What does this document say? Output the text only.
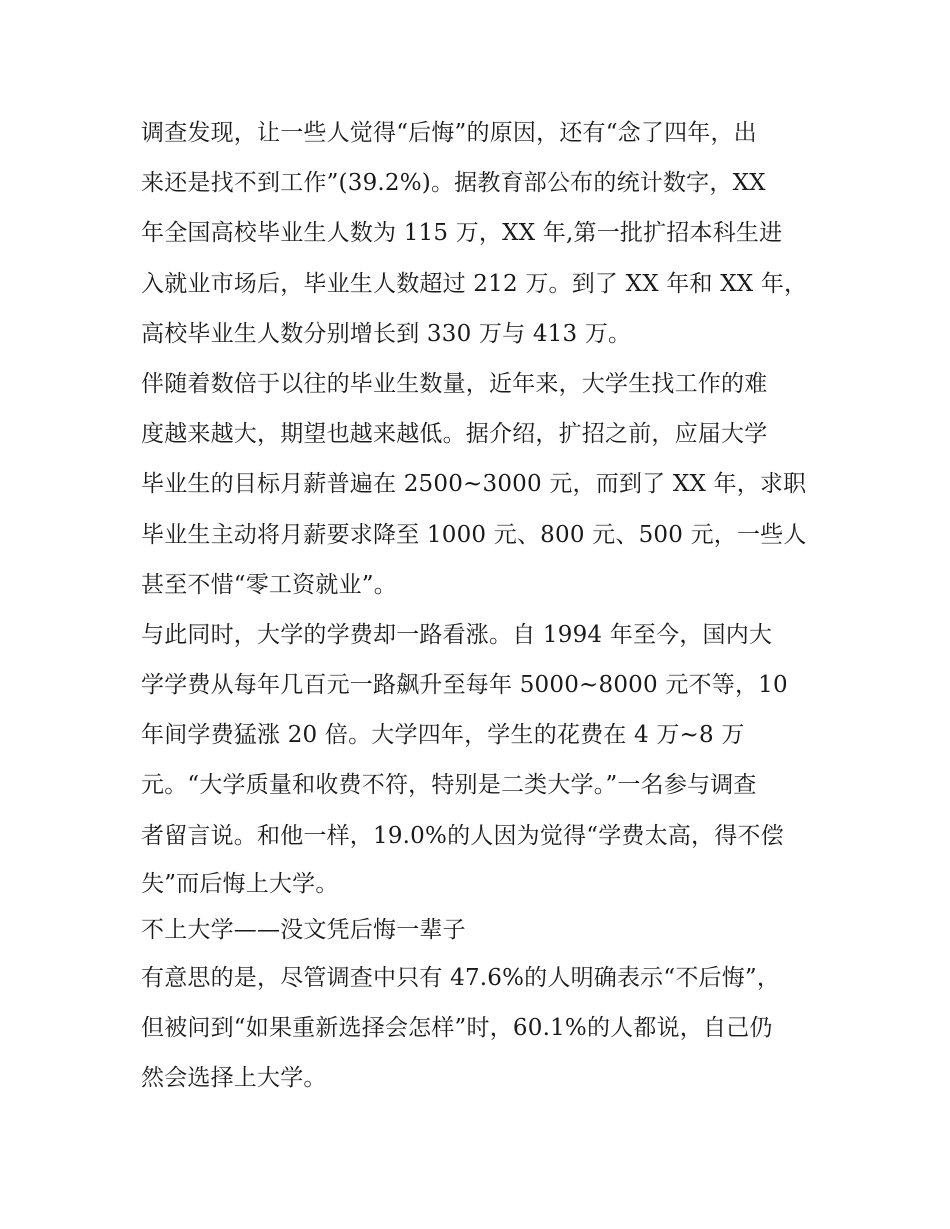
调查发现，让一些人觉得“后悔”的原因，还有“念了四年，出
来还是找不到工作”(39.2%)。据教育部公布的统计数字，XX
年全国高校毕业生人数为 115 万，XX 年,第一批扩招本科生进
入就业市场后，毕业生人数超过 212 万。到了 XX 年和 XX 年，
高校毕业生人数分别增长到 330 万与 413 万。
伴随着数倍于以往的毕业生数量，近年来，大学生找工作的难
度越来越大，期望也越来越低。据介绍，扩招之前，应届大学
毕业生的目标月薪普遍在 2500~3000 元，而到了 XX 年，求职
毕业生主动将月薪要求降至 1000 元、800 元、500 元，一些人
甚至不惜“零工资就业”。
与此同时，大学的学费却一路看涨。自 1994 年至今，国内大
学学费从每年几百元一路飙升至每年 5000~8000 元不等，10
年间学费猛涨 20 倍。大学四年，学生的花费在 4 万~8 万
元。“大学质量和收费不符，特别是二类大学。”一名参与调查
者留言说。和他一样，19.0%的人因为觉得“学费太高，得不偿
失”而后悔上大学。
不上大学——没文凭后悔一辈子
有意思的是，尽管调查中只有 47.6%的人明确表示“不后悔”，
但被问到“如果重新选择会怎样”时，60.1%的人都说，自己仍
然会选择上大学。
